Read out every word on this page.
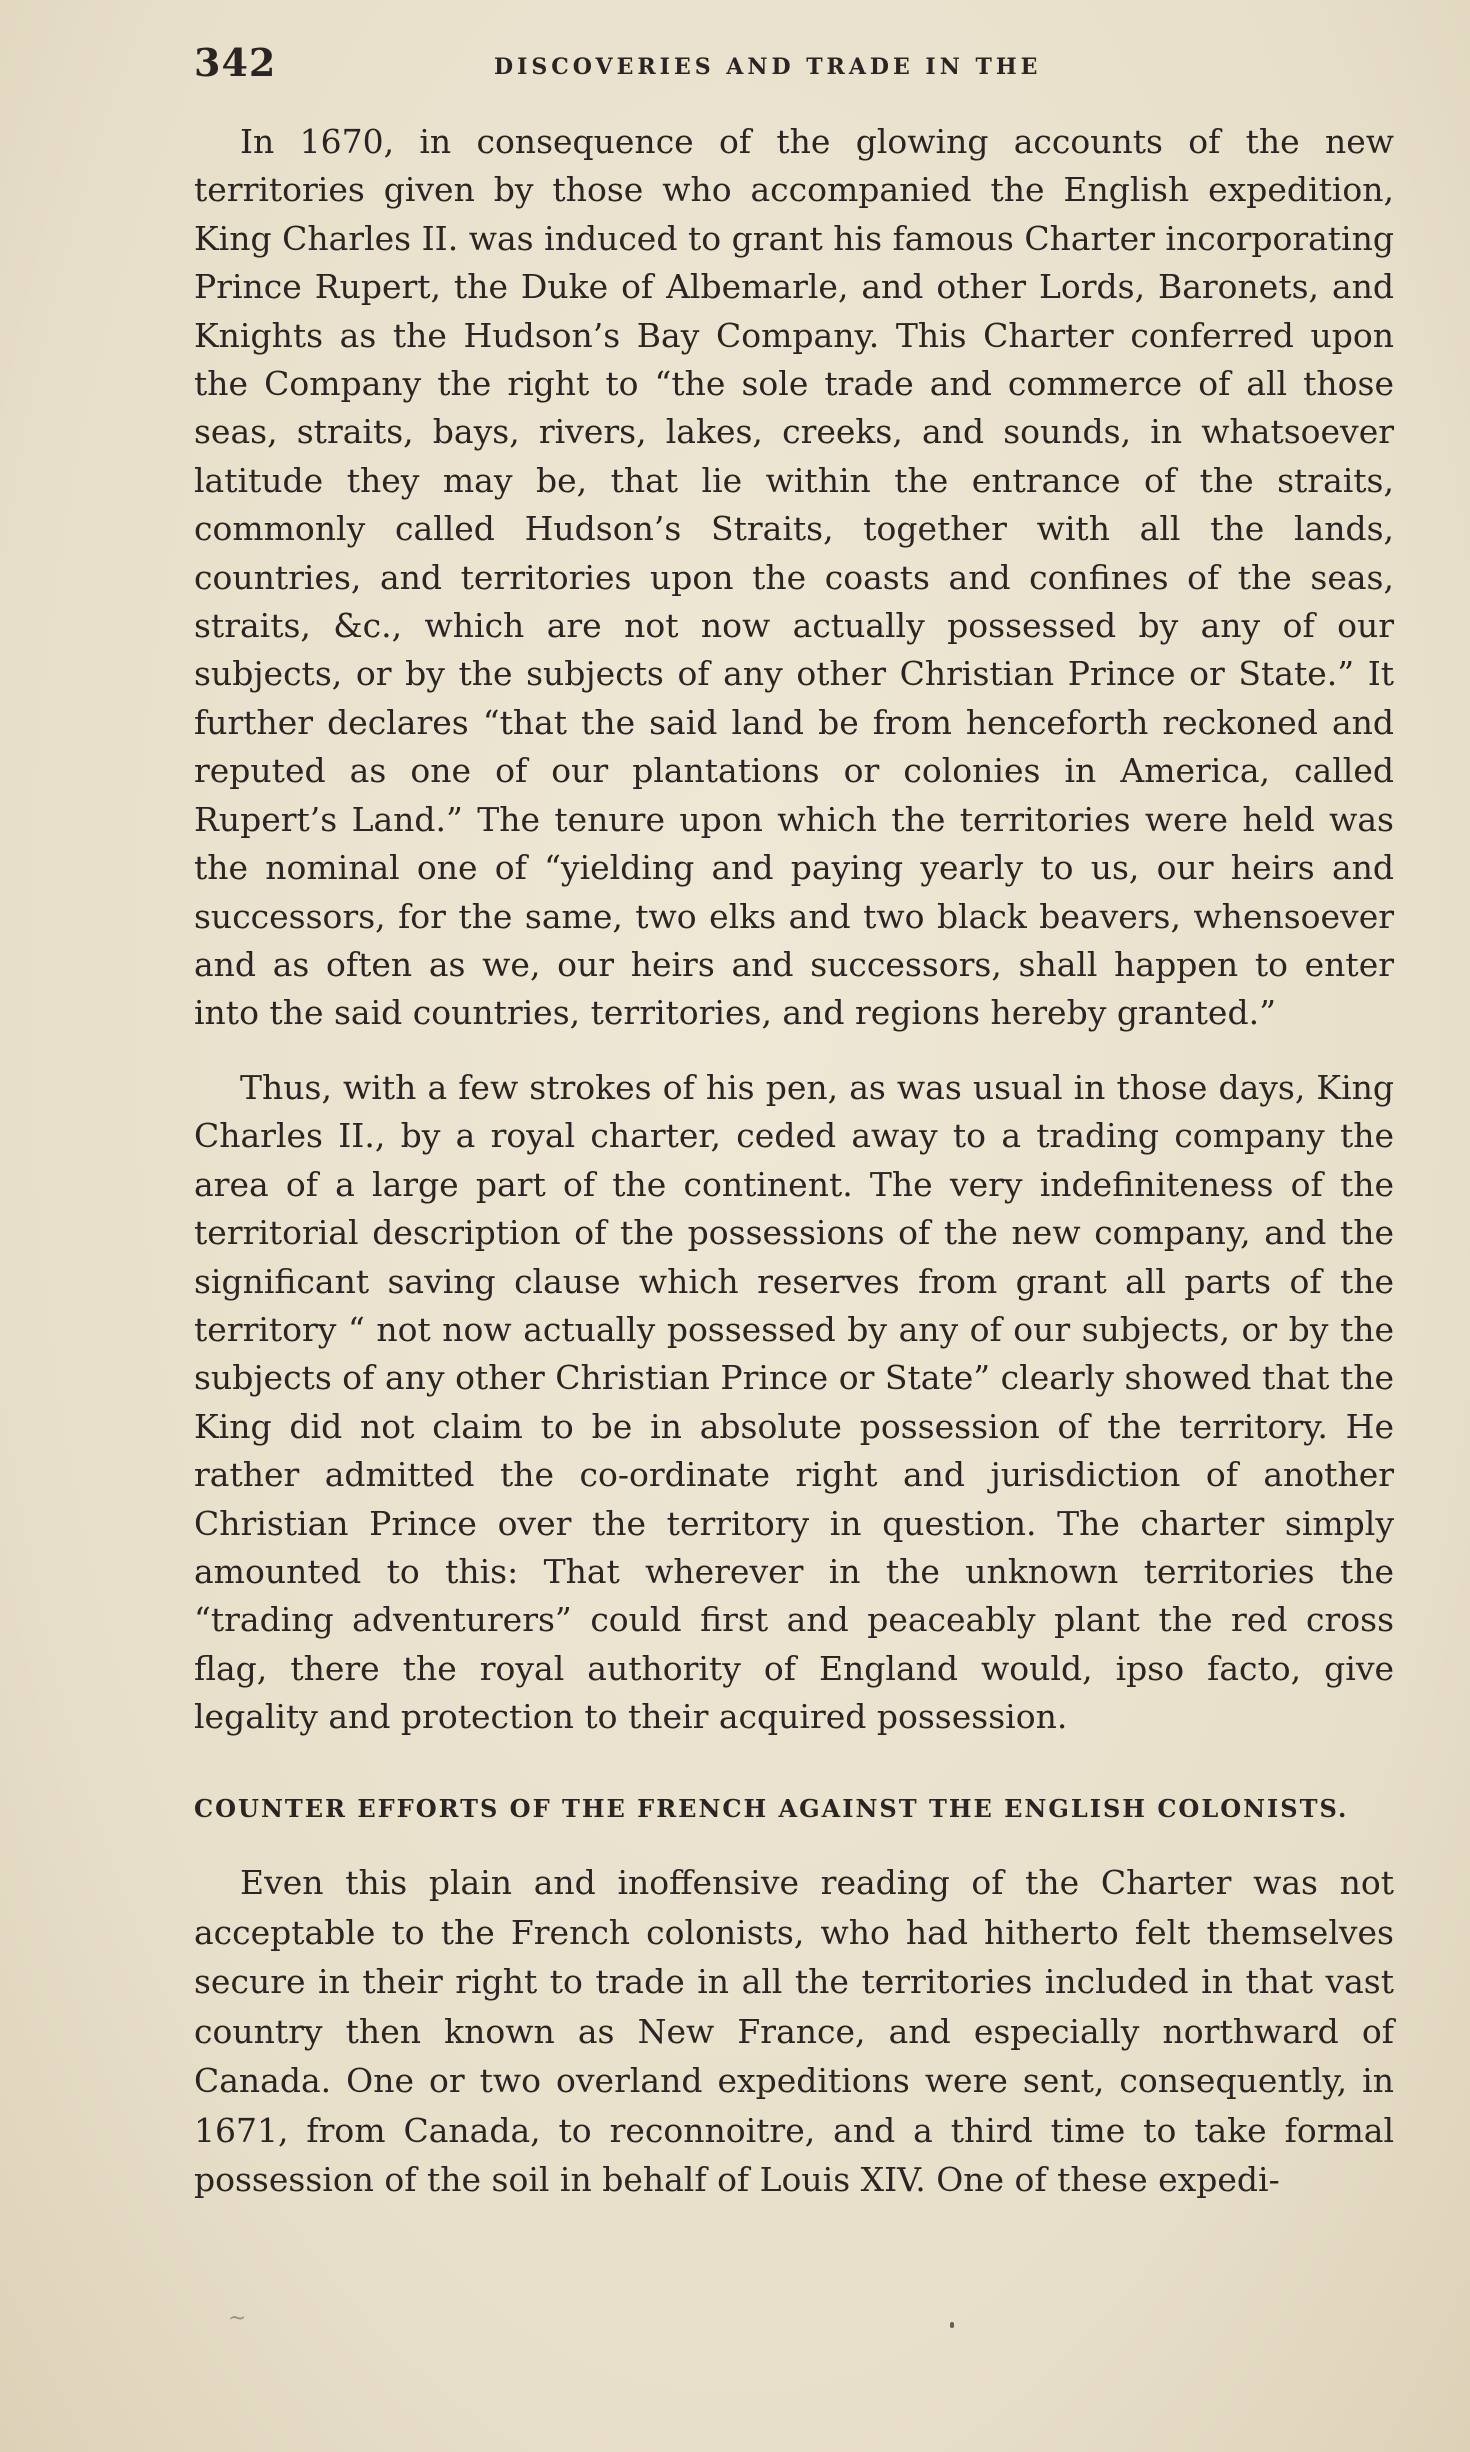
342	DISCOVERIES AND TRADE IN THE

In 1670, in consequence of the glowing accounts of the new territories given by those who accompanied the English expedition, King Charles II. was induced to grant his famous Charter incorporating Prince Rupert, the Duke of Albemarle, and other Lords, Baronets, and Knights as the Hudson’s Bay Company. This Charter conferred upon the Company the right to “the sole trade and commerce of all those seas, straits, bays, rivers, lakes, creeks, and sounds, in whatsoever latitude they may be, that lie within the entrance of the straits, commonly called Hudson’s Straits, together with all the lands, countries, and territories upon the coasts and confines of the seas, straits, &c., which are not now actually possessed by any of our subjects, or by the subjects of any other Christian Prince or State.” It further declares “that the said land be from henceforth reckoned and reputed as one of our plantations or colonies in America, called Rupert’s Land.” The tenure upon which the territories were held was the nominal one of “yielding and paying yearly to us, our heirs and successors, for the same, two elks and two black beavers, whensoever and as often as we, our heirs and successors, shall happen to enter into the said countries, territories, and regions hereby granted.”

Thus, with a few strokes of his pen, as was usual in those days, King Charles II., by a royal charter, ceded away to a trading company the area of a large part of the continent. The very indefiniteness of the territorial description of the possessions of the new company, and the significant saving clause which reserves from grant all parts of the territory “ not now actually possessed by any of our subjects, or by the subjects of any other Christian Prince or State” clearly showed that the King did not claim to be in absolute possession of the territory. He rather admitted the co-ordinate right and jurisdiction of another Christian Prince over the territory in question. The charter simply amounted to this: That wherever in the unknown territories the “trading adventurers” could first and peaceably plant the red cross flag, there the royal authority of England would, ipso facto, give legality and protection to their acquired possession.

COUNTER EFFORTS OF THE FRENCH AGAINST THE ENGLISH COLONISTS.

Even this plain and inoffensive reading of the Charter was not acceptable to the French colonists, who had hitherto felt themselves secure in their right to trade in all the territories included in that vast country then known as New France, and especially northward of Canada. One or two overland expeditions were sent, consequently, in 1671, from Canada, to reconnoitre, and a third time to take formal possession of the soil in behalf of Louis XIV. One of these expedi-

~
